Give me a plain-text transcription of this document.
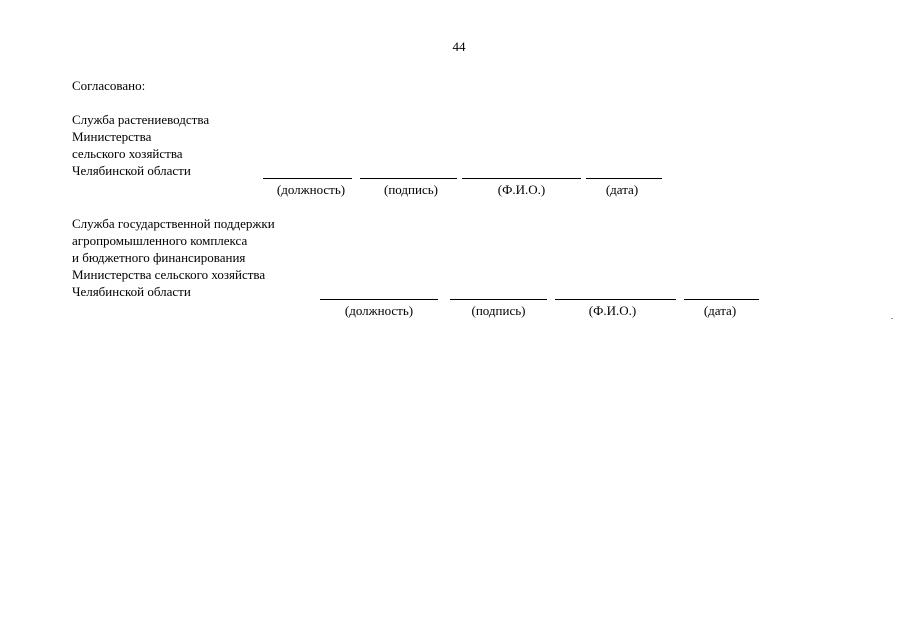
44
Согласовано:
Служба растениеводства
Министерства
сельского хозяйства
Челябинской области
(должность)	(подпись)	(Ф.И.О.)	(дата)
Служба государственной поддержки
агропромышленного комплекса
и бюджетного финансирования
Министерства сельского хозяйства
Челябинской области
(должность)	(подпись)	(Ф.И.О.)	(дата)
